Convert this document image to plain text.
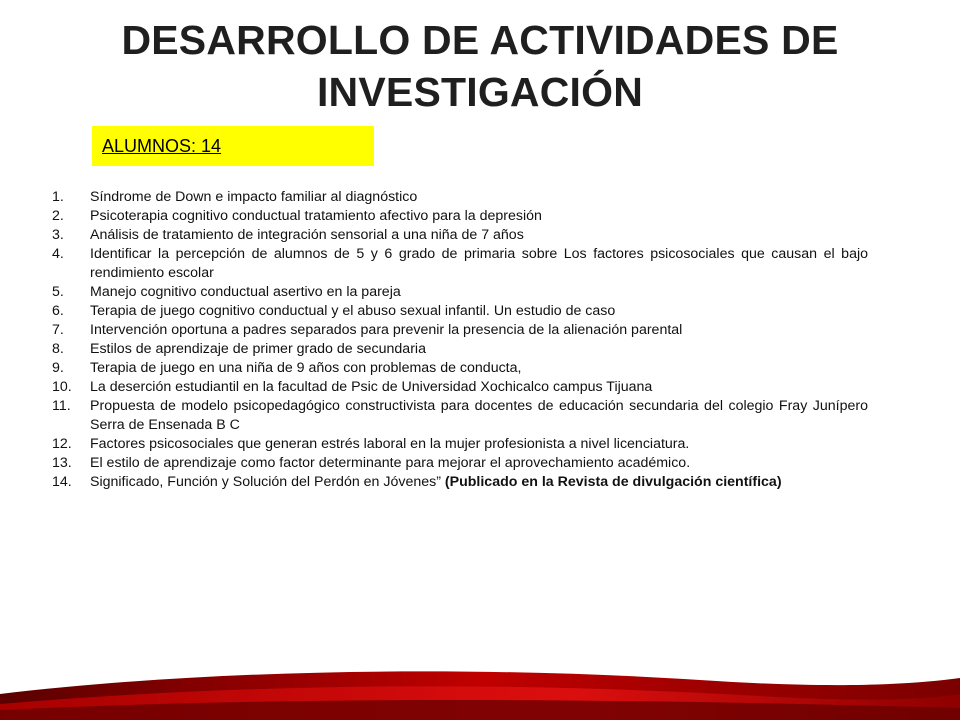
DESARROLLO DE ACTIVIDADES DE
INVESTIGACIÓN
ALUMNOS: 14
1. Síndrome de Down e impacto familiar al diagnóstico
2. Psicoterapia cognitivo conductual tratamiento afectivo para la depresión
3. Análisis de tratamiento de integración sensorial a una niña de 7 años
4. Identificar la percepción de alumnos de 5 y 6 grado de primaria sobre Los factores psicosociales que causan el bajo rendimiento escolar
5. Manejo cognitivo conductual asertivo en la pareja
6. Terapia de juego cognitivo conductual y el abuso sexual infantil. Un estudio de caso
7. Intervención oportuna a padres separados para prevenir la presencia de la alienación parental
8. Estilos de aprendizaje de primer grado de secundaria
9. Terapia de juego en una niña de 9 años con problemas de conducta,
10. La deserción estudiantil en la facultad de Psic de Universidad Xochicalco campus Tijuana
11. Propuesta de modelo psicopedagógico constructivista para docentes de educación secundaria del colegio Fray Junípero Serra de Ensenada B C
12. Factores psicosociales que generan estrés laboral en la mujer profesionista a nivel licenciatura.
13. El estilo de aprendizaje como factor determinante para mejorar el aprovechamiento académico.
14. Significado, Función y Solución del Perdón en Jóvenes” (Publicado en la Revista de divulgación científica)
